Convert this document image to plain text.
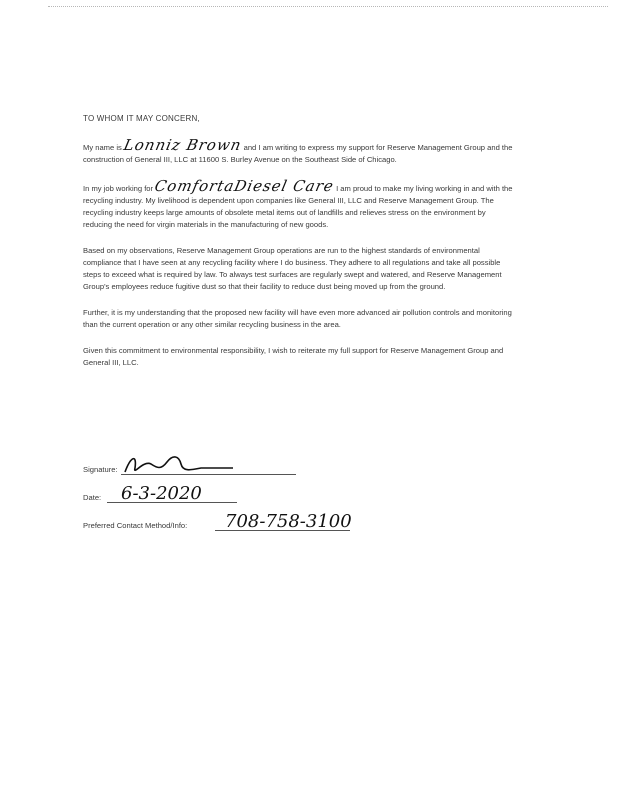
TO WHOM IT MAY CONCERN,

My name is Lonniz Brown and I am writing to express my support for Reserve Management Group and the construction of General III, LLC at 11600 S. Burley Avenue on the Southeast Side of Chicago.

In my job working for ComfortaDiesel Care I am proud to make my living working in and with the recycling industry. My livelihood is dependent upon companies like General III, LLC and Reserve Management Group. The recycling industry keeps large amounts of obsolete metal items out of landfills and relieves stress on the environment by reducing the need for virgin materials in the manufacturing of new goods.

Based on my observations, Reserve Management Group operations are run to the highest standards of environmental compliance that I have seen at any recycling facility where I do business. They adhere to all regulations and take all possible steps to exceed what is required by law. To always test surfaces are regularly swept and watered, and Reserve Management Group's employees reduce fugitive dust so that their facility to reduce dust being moved up from the ground.

Further, it is my understanding that the proposed new facility will have even more advanced air pollution controls and monitoring than the current operation or any other similar recycling business in the area.

Given this commitment to environmental responsibility, I wish to reiterate my full support for Reserve Management Group and General III, LLC.

Signature:
Date: 6-3-2020
Preferred Contact Method/Info: 708-758-3100
